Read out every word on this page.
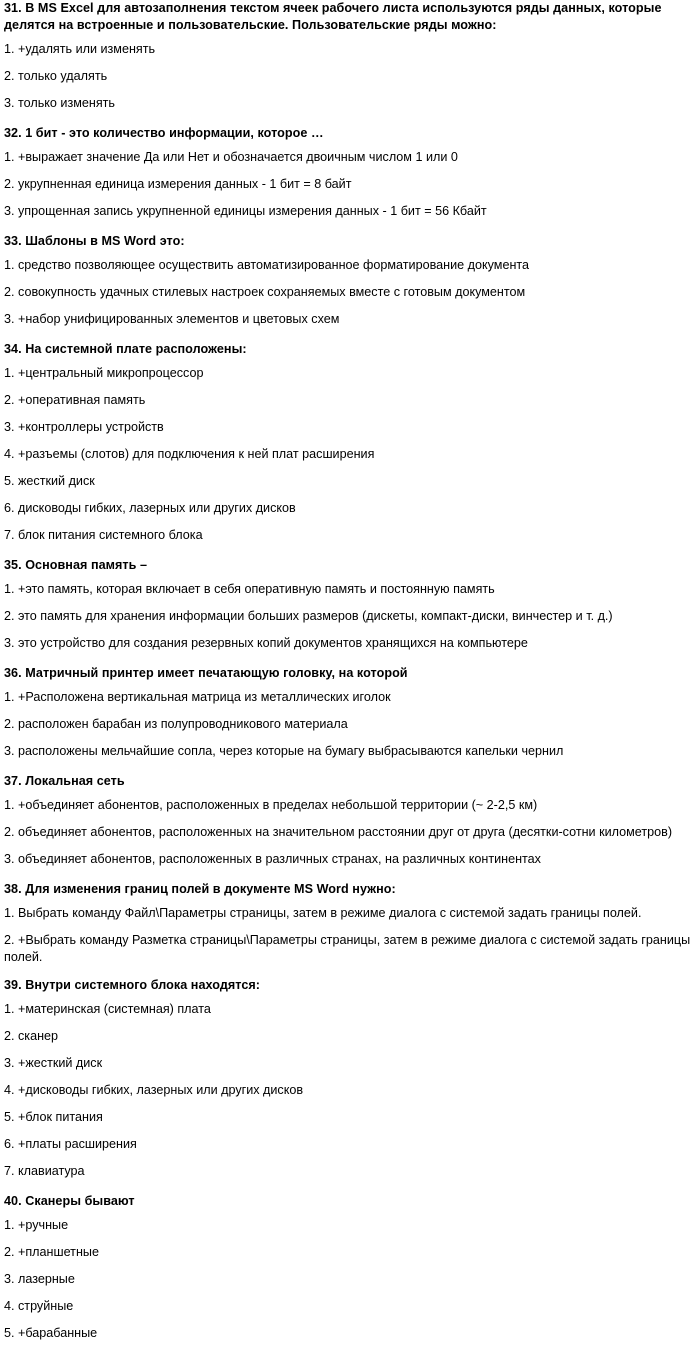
31. В MS Excel для автозаполнения текстом ячеек рабочего листа используются ряды данных, которые делятся на встроенные и пользовательские. Пользовательские ряды можно:
1. +удалять или изменять
2. только удалять
3. только изменять
32. 1 бит - это количество информации, которое …
1. +выражает значение Да или Нет и обозначается двоичным числом 1 или 0
2. укрупненная единица измерения данных - 1 бит = 8 байт
3. упрощенная запись укрупненной единицы измерения данных - 1 бит = 56 Кбайт
33. Шаблоны в MS Word это:
1. средство позволяющее осуществить автоматизированное форматирование документа
2. совокупность удачных стилевых настроек сохраняемых вместе с готовым документом
3. +набор унифицированных элементов и цветовых схем
34. На системной плате расположены:
1. +центральный микропроцессор
2. +оперативная память
3. +контроллеры устройств
4. +разъемы (слотов) для подключения к ней плат расширения
5. жесткий диск
6. дисководы гибких, лазерных или других дисков
7. блок питания системного блока
35. Основная память –
1. +это память, которая включает в себя оперативную память и постоянную память
2. это память для хранения информации больших размеров (дискеты, компакт-диски, винчестер и т. д.)
3. это устройство для создания резервных копий документов хранящихся на компьютере
36. Матричный принтер имеет печатающую головку, на которой
1. +Расположена вертикальная матрица из металлических иголок
2. расположен барабан из полупроводникового материала
3. расположены мельчайшие сопла, через которые на бумагу выбрасываются капельки чернил
37. Локальная сеть
1. +объединяет абонентов, расположенных в пределах небольшой территории (~ 2-2,5 км)
2. объединяет абонентов, расположенных на значительном расстоянии друг от друга (десятки-сотни километров)
3. объединяет абонентов, расположенных в различных странах, на различных континентах
38. Для изменения границ полей в документе MS Word нужно:
1. Выбрать команду Файл\Параметры страницы, затем в режиме диалога с системой задать границы полей.
2. +Выбрать команду Разметка страницы\Параметры страницы, затем в режиме диалога с системой задать границы полей.
39. Внутри системного блока находятся:
1. +материнская (системная) плата
2. сканер
3. +жесткий диск
4. +дисководы гибких, лазерных или других дисков
5. +блок питания
6. +платы расширения
7. клавиатура
40. Сканеры бывают
1. +ручные
2. +планшетные
3. лазерные
4. струйные
5. +барабанные
